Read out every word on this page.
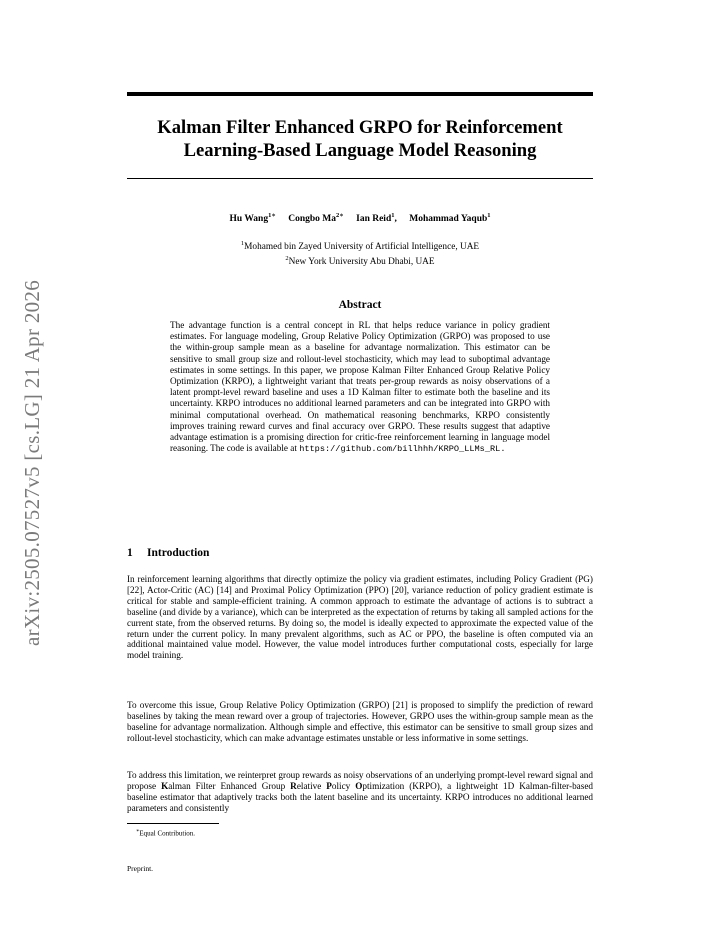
arXiv:2505.07527v5 [cs.LG] 21 Apr 2026
Kalman Filter Enhanced GRPO for Reinforcement Learning-Based Language Model Reasoning
Hu Wang$^{1∗}$ Congbo $Ma^{2∗}$ Ian Reid$^1$, Mohammad Yaqub$^1$
$^1$Mohamed bin Zayed University of Artificial Intelligence, UAE
$^2$New York University Abu Dhabi, UAE
Abstract
The advantage function is a central concept in RL that helps reduce variance in policy gradient estimates. For language modeling, Group Relative Policy Optimization (GRPO) was proposed to use the within-group sample mean as a baseline for advantage normalization. This estimator can be sensitive to small group size and rollout-level stochasticity, which may lead to suboptimal advantage estimates in some settings. In this paper, we propose Kalman Filter Enhanced Group Relative Policy Optimization (KRPO), a lightweight variant that treats per-group rewards as noisy observations of a latent prompt-level reward baseline and uses a 1D Kalman filter to estimate both the baseline and its uncertainty. KRPO introduces no additional learned parameters and can be integrated into GRPO with minimal computational overhead. On mathematical reasoning benchmarks, KRPO consistently improves training reward curves and final accuracy over GRPO. These results suggest that adaptive advantage estimation is a promising direction for critic-free reinforcement learning in language model reasoning. The code is available at https://github.com/billhhh/KRPO_LLMs_RL.
1 Introduction
In reinforcement learning algorithms that directly optimize the policy via gradient estimates, including Policy Gradient (PG) [22], Actor-Critic (AC) [14] and Proximal Policy Optimization (PPO) [20], variance reduction of policy gradient estimate is critical for stable and sample-efficient training. A common approach to estimate the advantage of actions is to subtract a baseline (and divide by a variance), which can be interpreted as the expectation of returns by taking all sampled actions for the current state, from the observed returns. By doing so, the model is ideally expected to approximate the expected value of the return under the current policy. In many prevalent algorithms, such as AC or PPO, the baseline is often computed via an additional maintained value model. However, the value model introduces further computational costs, especially for large model training.
To overcome this issue, Group Relative Policy Optimization (GRPO) [21] is proposed to simplify the prediction of reward baselines by taking the mean reward over a group of trajectories. However, GRPO uses the within-group sample mean as the baseline for advantage normalization. Although simple and effective, this estimator can be sensitive to small group sizes and rollout-level stochasticity, which can make advantage estimates unstable or less informative in some settings.
To address this limitation, we reinterpret group rewards as noisy observations of an underlying prompt-level reward signal and propose Kalman Filter Enhanced Group Relative Policy Optimization (KRPO), a lightweight 1D Kalman-filter-based baseline estimator that adaptively tracks both the latent baseline and its uncertainty. KRPO introduces no additional learned parameters and consistently
∗Equal Contribution.
Preprint.
